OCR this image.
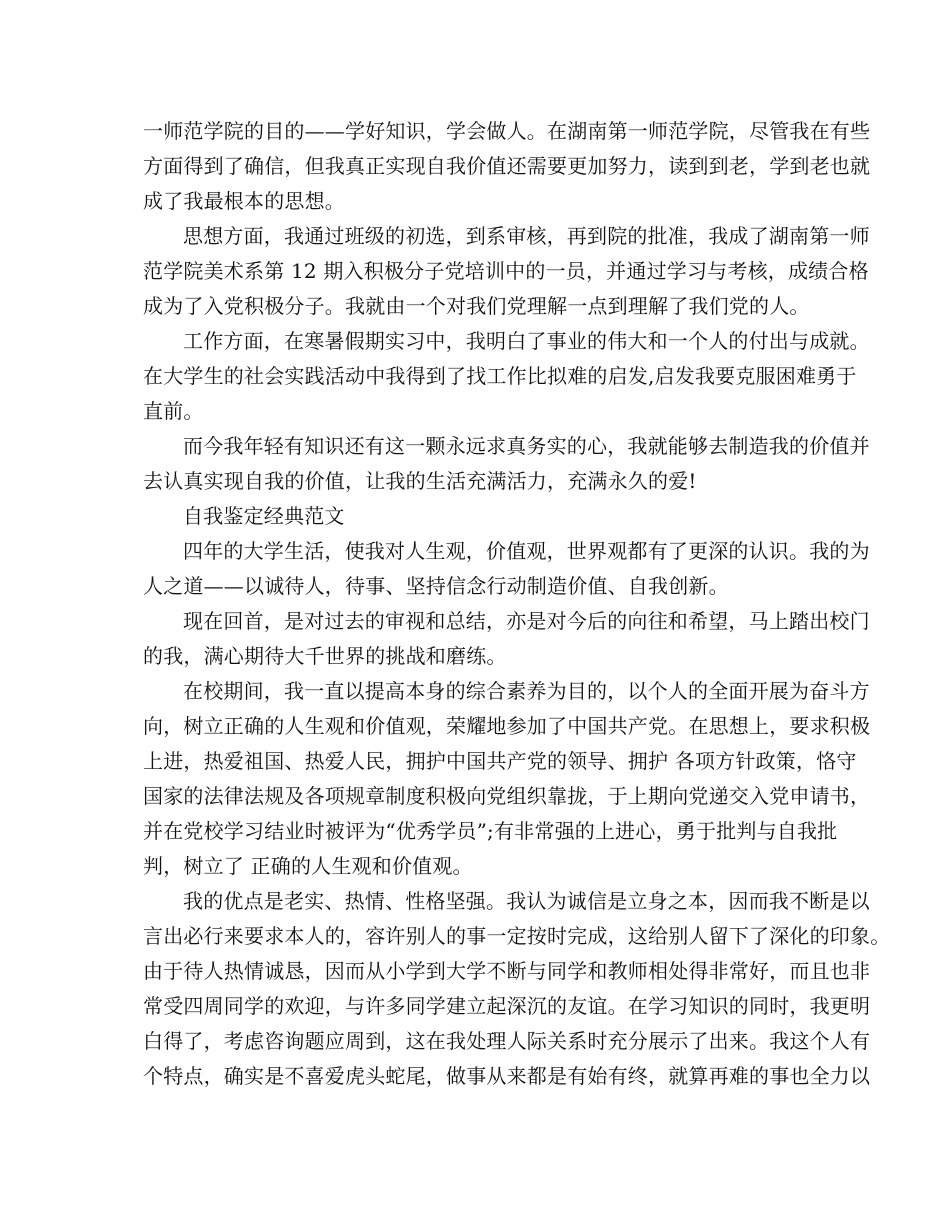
一师范学院的目的——学好知识，学会做人。在湖南第一师范学院，尽管我在有些
方面得到了确信，但我真正实现自我价值还需要更加努力，读到到老，学到老也就
成了我最根本的思想。
思想方面，我通过班级的初选，到系审核，再到院的批准，我成了湖南第一师
范学院美术系第 12 期入积极分子党培训中的一员，并通过学习与考核，成绩合格
成为了入党积极分子。我就由一个对我们党理解一点到理解了我们党的人。
工作方面，在寒暑假期实习中，我明白了事业的伟大和一个人的付出与成就。
在大学生的社会实践活动中我得到了找工作比拟难的启发,启发我要克服困难勇于
直前。
而今我年轻有知识还有这一颗永远求真务实的心，我就能够去制造我的价值并
去认真实现自我的价值，让我的生活充满活力，充满永久的爱!
自我鉴定经典范文
四年的大学生活，使我对人生观，价值观，世界观都有了更深的认识。我的为
人之道——以诚待人，待事、坚持信念行动制造价值、自我创新。
现在回首，是对过去的审视和总结，亦是对今后的向往和希望，马上踏出校门
的我，满心期待大千世界的挑战和磨练。
在校期间，我一直以提高本身的综合素养为目的，以个人的全面开展为奋斗方
向，树立正确的人生观和价值观，荣耀地参加了中国共产党。在思想上，要求积极
上进，热爱祖国、热爱人民，拥护中国共产党的领导、拥护 各项方针政策，恪守
国家的法律法规及各项规章制度积极向党组织靠拢，于上期向党递交入党申请书，
并在党校学习结业时被评为“优秀学员”;有非常强的上进心，勇于批判与自我批
判，树立了 正确的人生观和价值观。
我的优点是老实、热情、性格坚强。我认为诚信是立身之本，因而我不断是以
言出必行来要求本人的，容许别人的事一定按时完成，这给别人留下了深化的印象。
由于待人热情诚恳，因而从小学到大学不断与同学和教师相处得非常好，而且也非
常受四周同学的欢迎，与许多同学建立起深沉的友谊。在学习知识的同时，我更明
白得了，考虑咨询题应周到，这在我处理人际关系时充分展示了出来。我这个人有
个特点，确实是不喜爱虎头蛇尾，做事从来都是有始有终，就算再难的事也全力以
